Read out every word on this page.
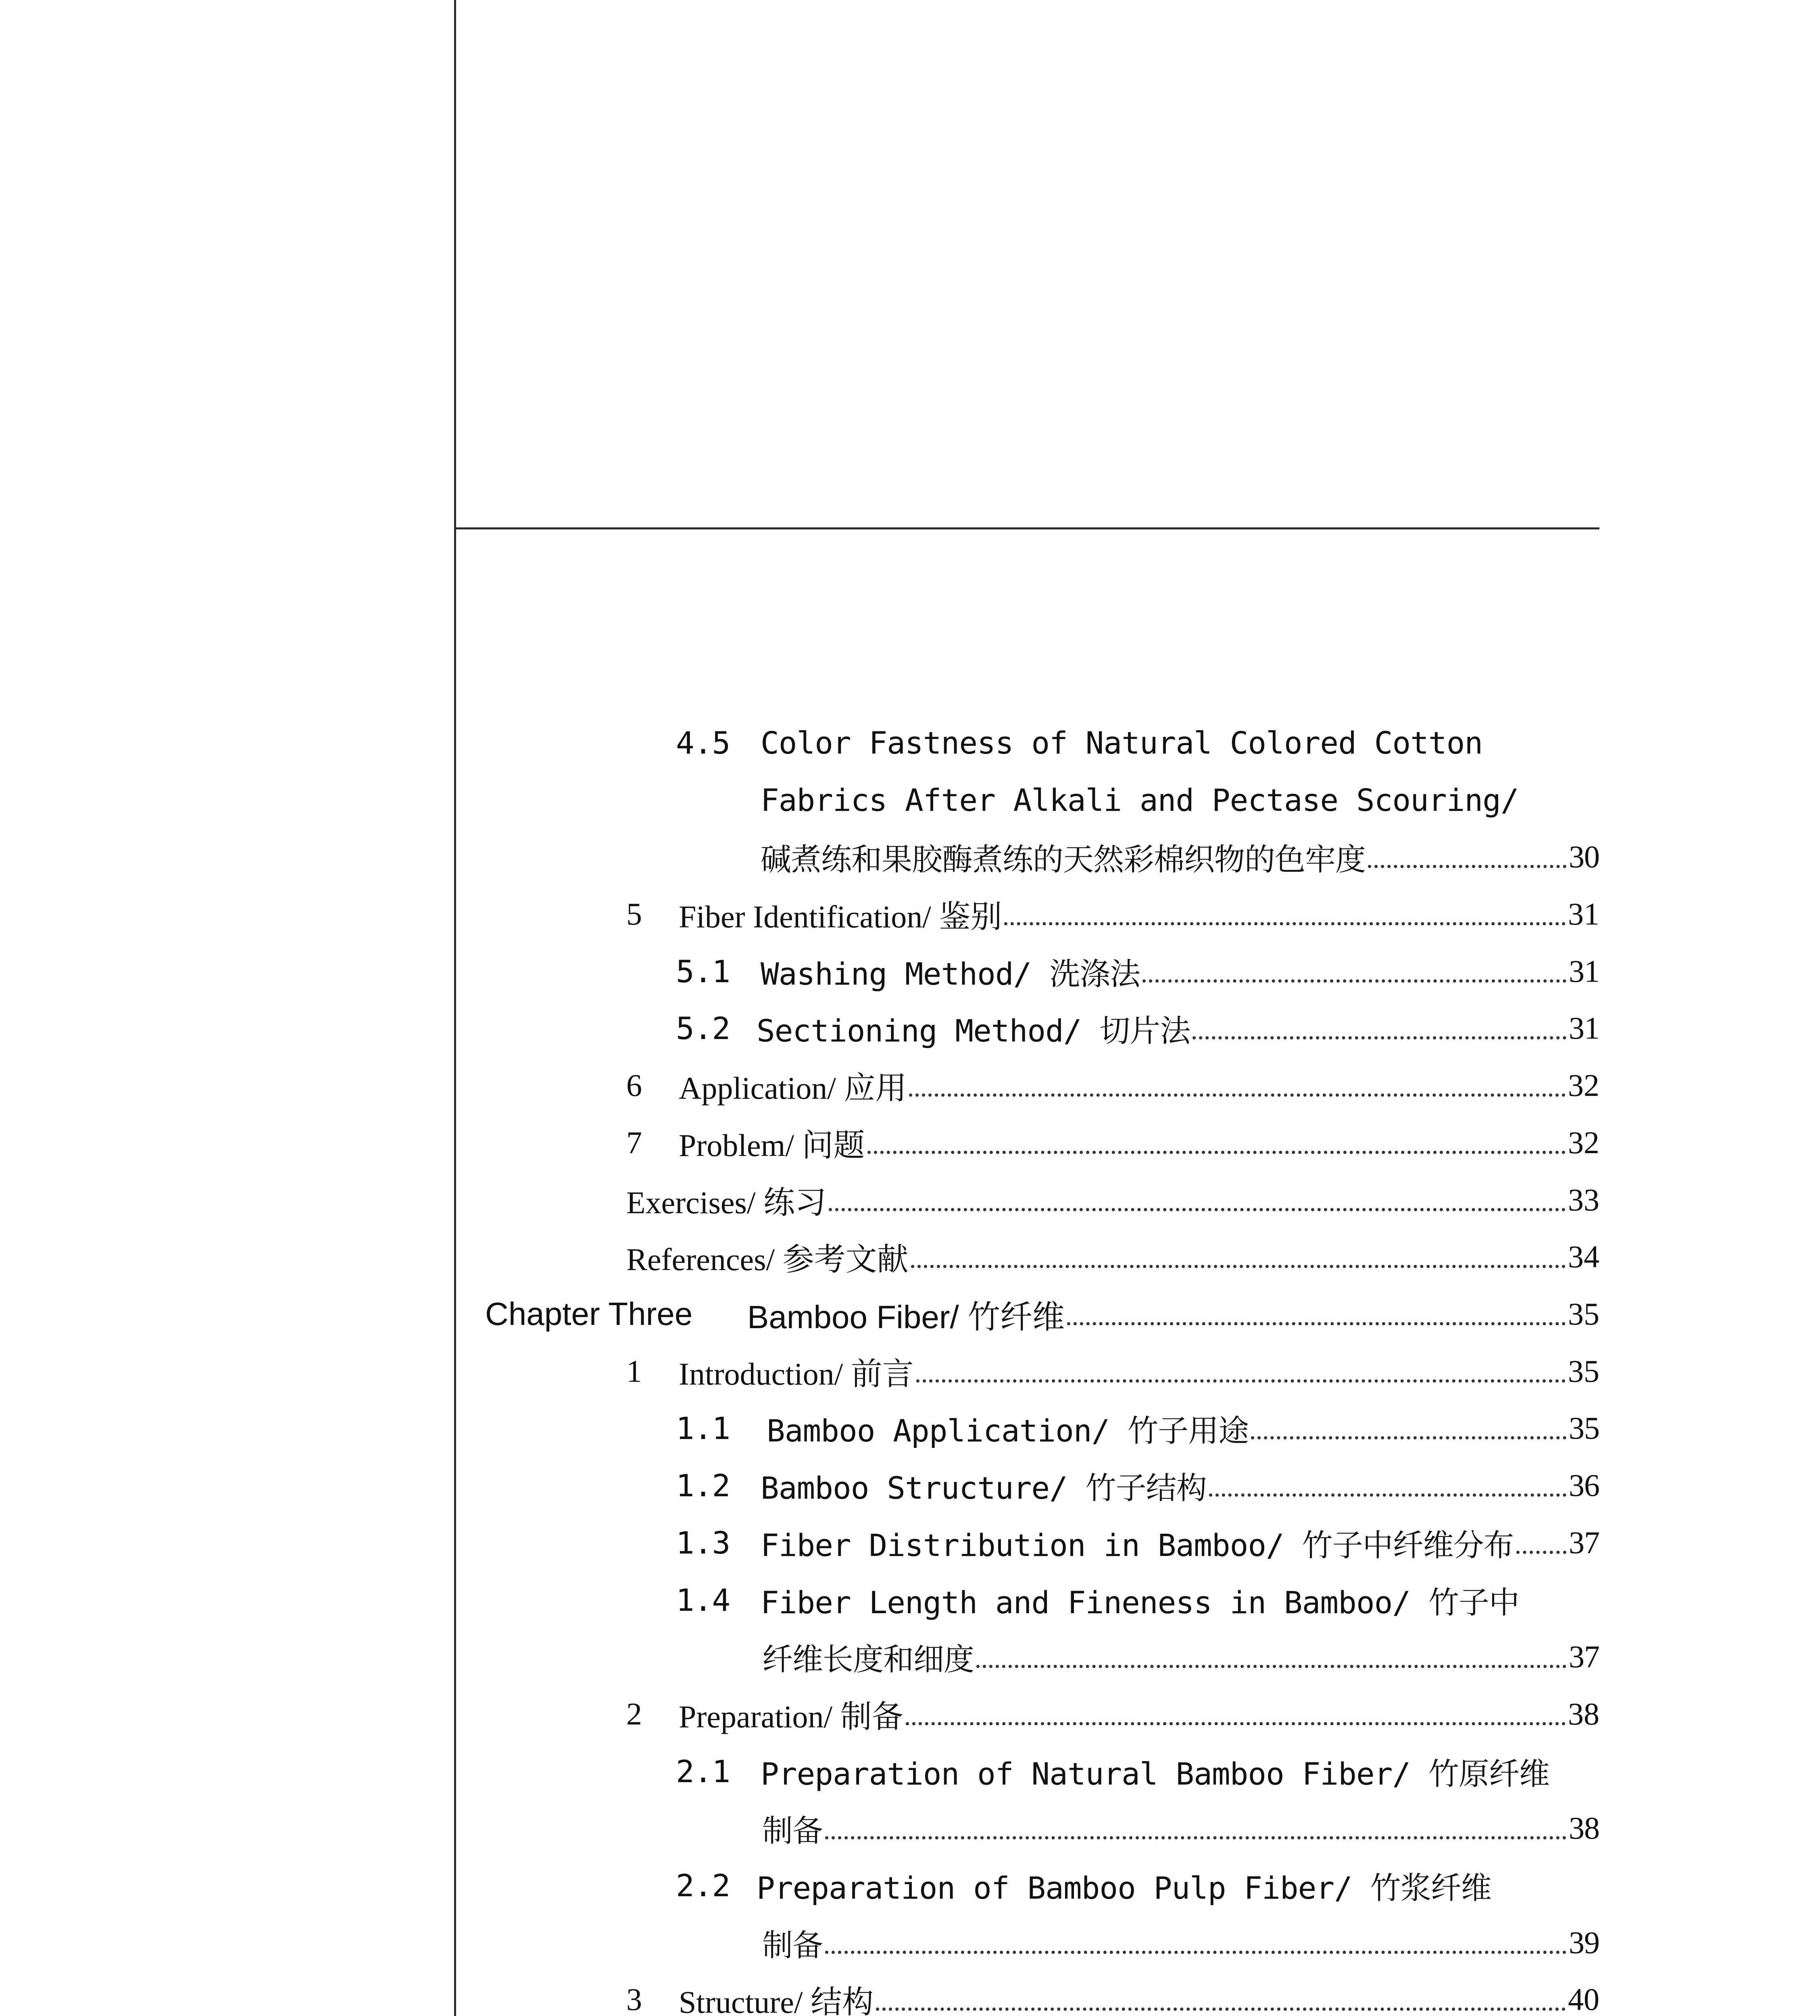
4.5 Color Fastness of Natural Colored Cotton
Fabrics After Alkali and Pectase Scouring/
碱煮练和果胶酶煮练的天然彩棉织物的色牢度	30
5	Fiber Identification/ 鉴别	31
5.1 Washing Method/ 洗涤法	31
5.2 Sectioning Method/ 切片法	31
6	Application/ 应用	32
7	Problem/ 问题	32
Exercises/ 练习	33
References/ 参考文献	34
Chapter Three	Bamboo Fiber/ 竹纤维	35
1	Introduction/ 前言	35
1.1	Bamboo Application/ 竹子用途	35
1.2 Bamboo Structure/ 竹子结构	36
1.3 Fiber Distribution in Bamboo/ 竹子中纤维分布 37
1.4 Fiber Length and Fineness in Bamboo/ 竹子中
纤维长度和细度	37
2	Preparation/ 制备	38
2.1 Preparation of Natural Bamboo Fiber/ 竹原纤维
制备	38
2.2 Preparation of Bamboo Pulp Fiber/ 竹浆纤维
制备	39
3	Structure/ 结构	40
